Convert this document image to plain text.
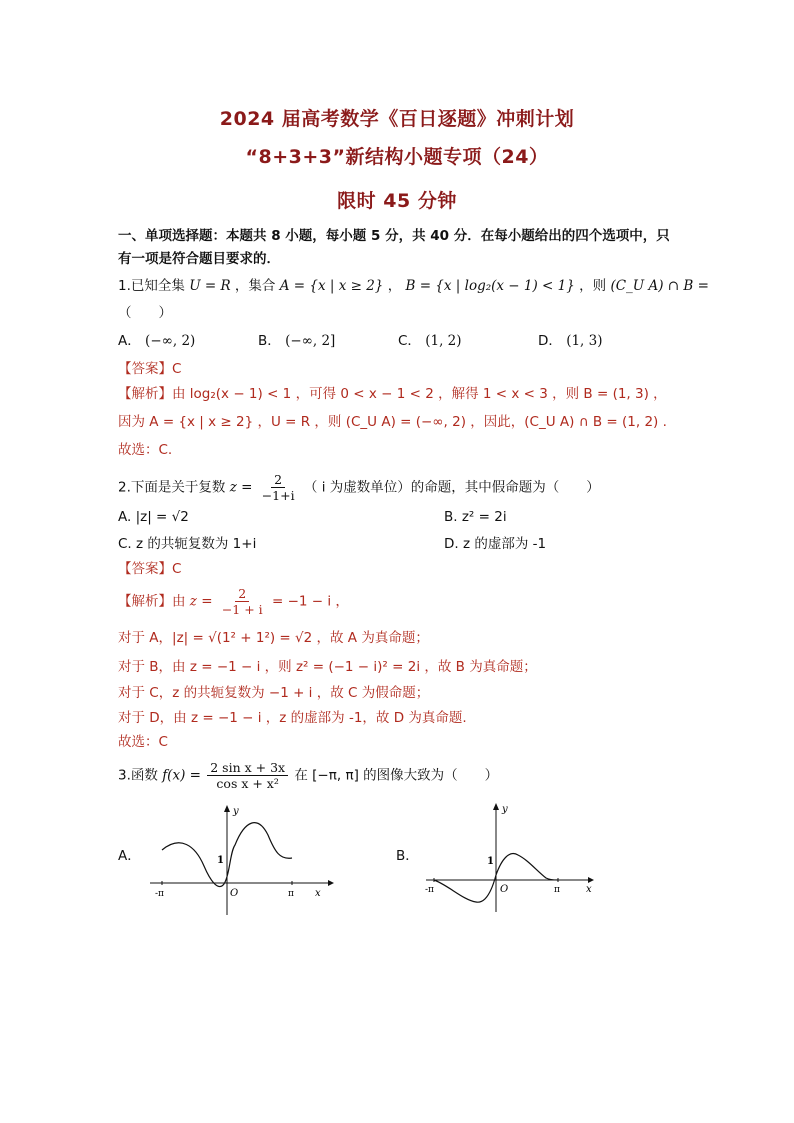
2024 届高考数学《百日逐题》冲刺计划
“8+3+3”新结构小题专项（24）
限时 45 分钟
一、单项选择题：本题共 8 小题，每小题 5 分，共 40 分．在每小题给出的四个选项中，只
有一项是符合题目要求的．
1.已知全集 U = R ，集合 A = {x | x ≥ 2} ， B = {x | log₂(x − 1) < 1} ，则 (C_U A) ∩ B =
（　　）
A． (−∞, 2)	B． (−∞, 2]	C． (1, 2)	D． (1, 3)
【答案】C
【解析】由 log₂(x − 1) < 1 ，可得 0 < x − 1 < 2 ，解得 1 < x < 3 ，则 B = (1, 3) ，
因为 A = {x | x ≥ 2} ，U = R ，则 (C_U A) = (−∞, 2) ，因此，(C_U A) ∩ B = (1, 2) .
故选：C.
2.下面是关于复数 $z = \frac{2}{-1+i}$ （ i 为虚数单位）的命题，其中假命题为（　　）
A. |z| = √2	B. z² = 2i
C. z 的共轭复数为 1+i	D. z 的虚部为 -1
【答案】C
【解析】由 $z = \frac{2}{-1 + i} = -1 - i$ ，
对于 A，|z| = √(1² + 1²) = √2 ，故 A 为真命题；
对于 B，由 z = −1 − i ，则 z² = (−1 − i)² = 2i ，故 B 为真命题；
对于 C，z 的共轭复数为 −1 + i ，故 C 为假命题；
对于 D，由 z = −1 − i ，z 的虚部为 -1，故 D 为真命题.
故选：C
3.函数 $f(x) = \frac{\text{2 sin x + 3x}}{\text{cos x + x²}}$ 在 [−π, π] 的图像大致为（　　）
A．	B．
y
x
O
1
-π	π
y
x
O
1
-π	π
